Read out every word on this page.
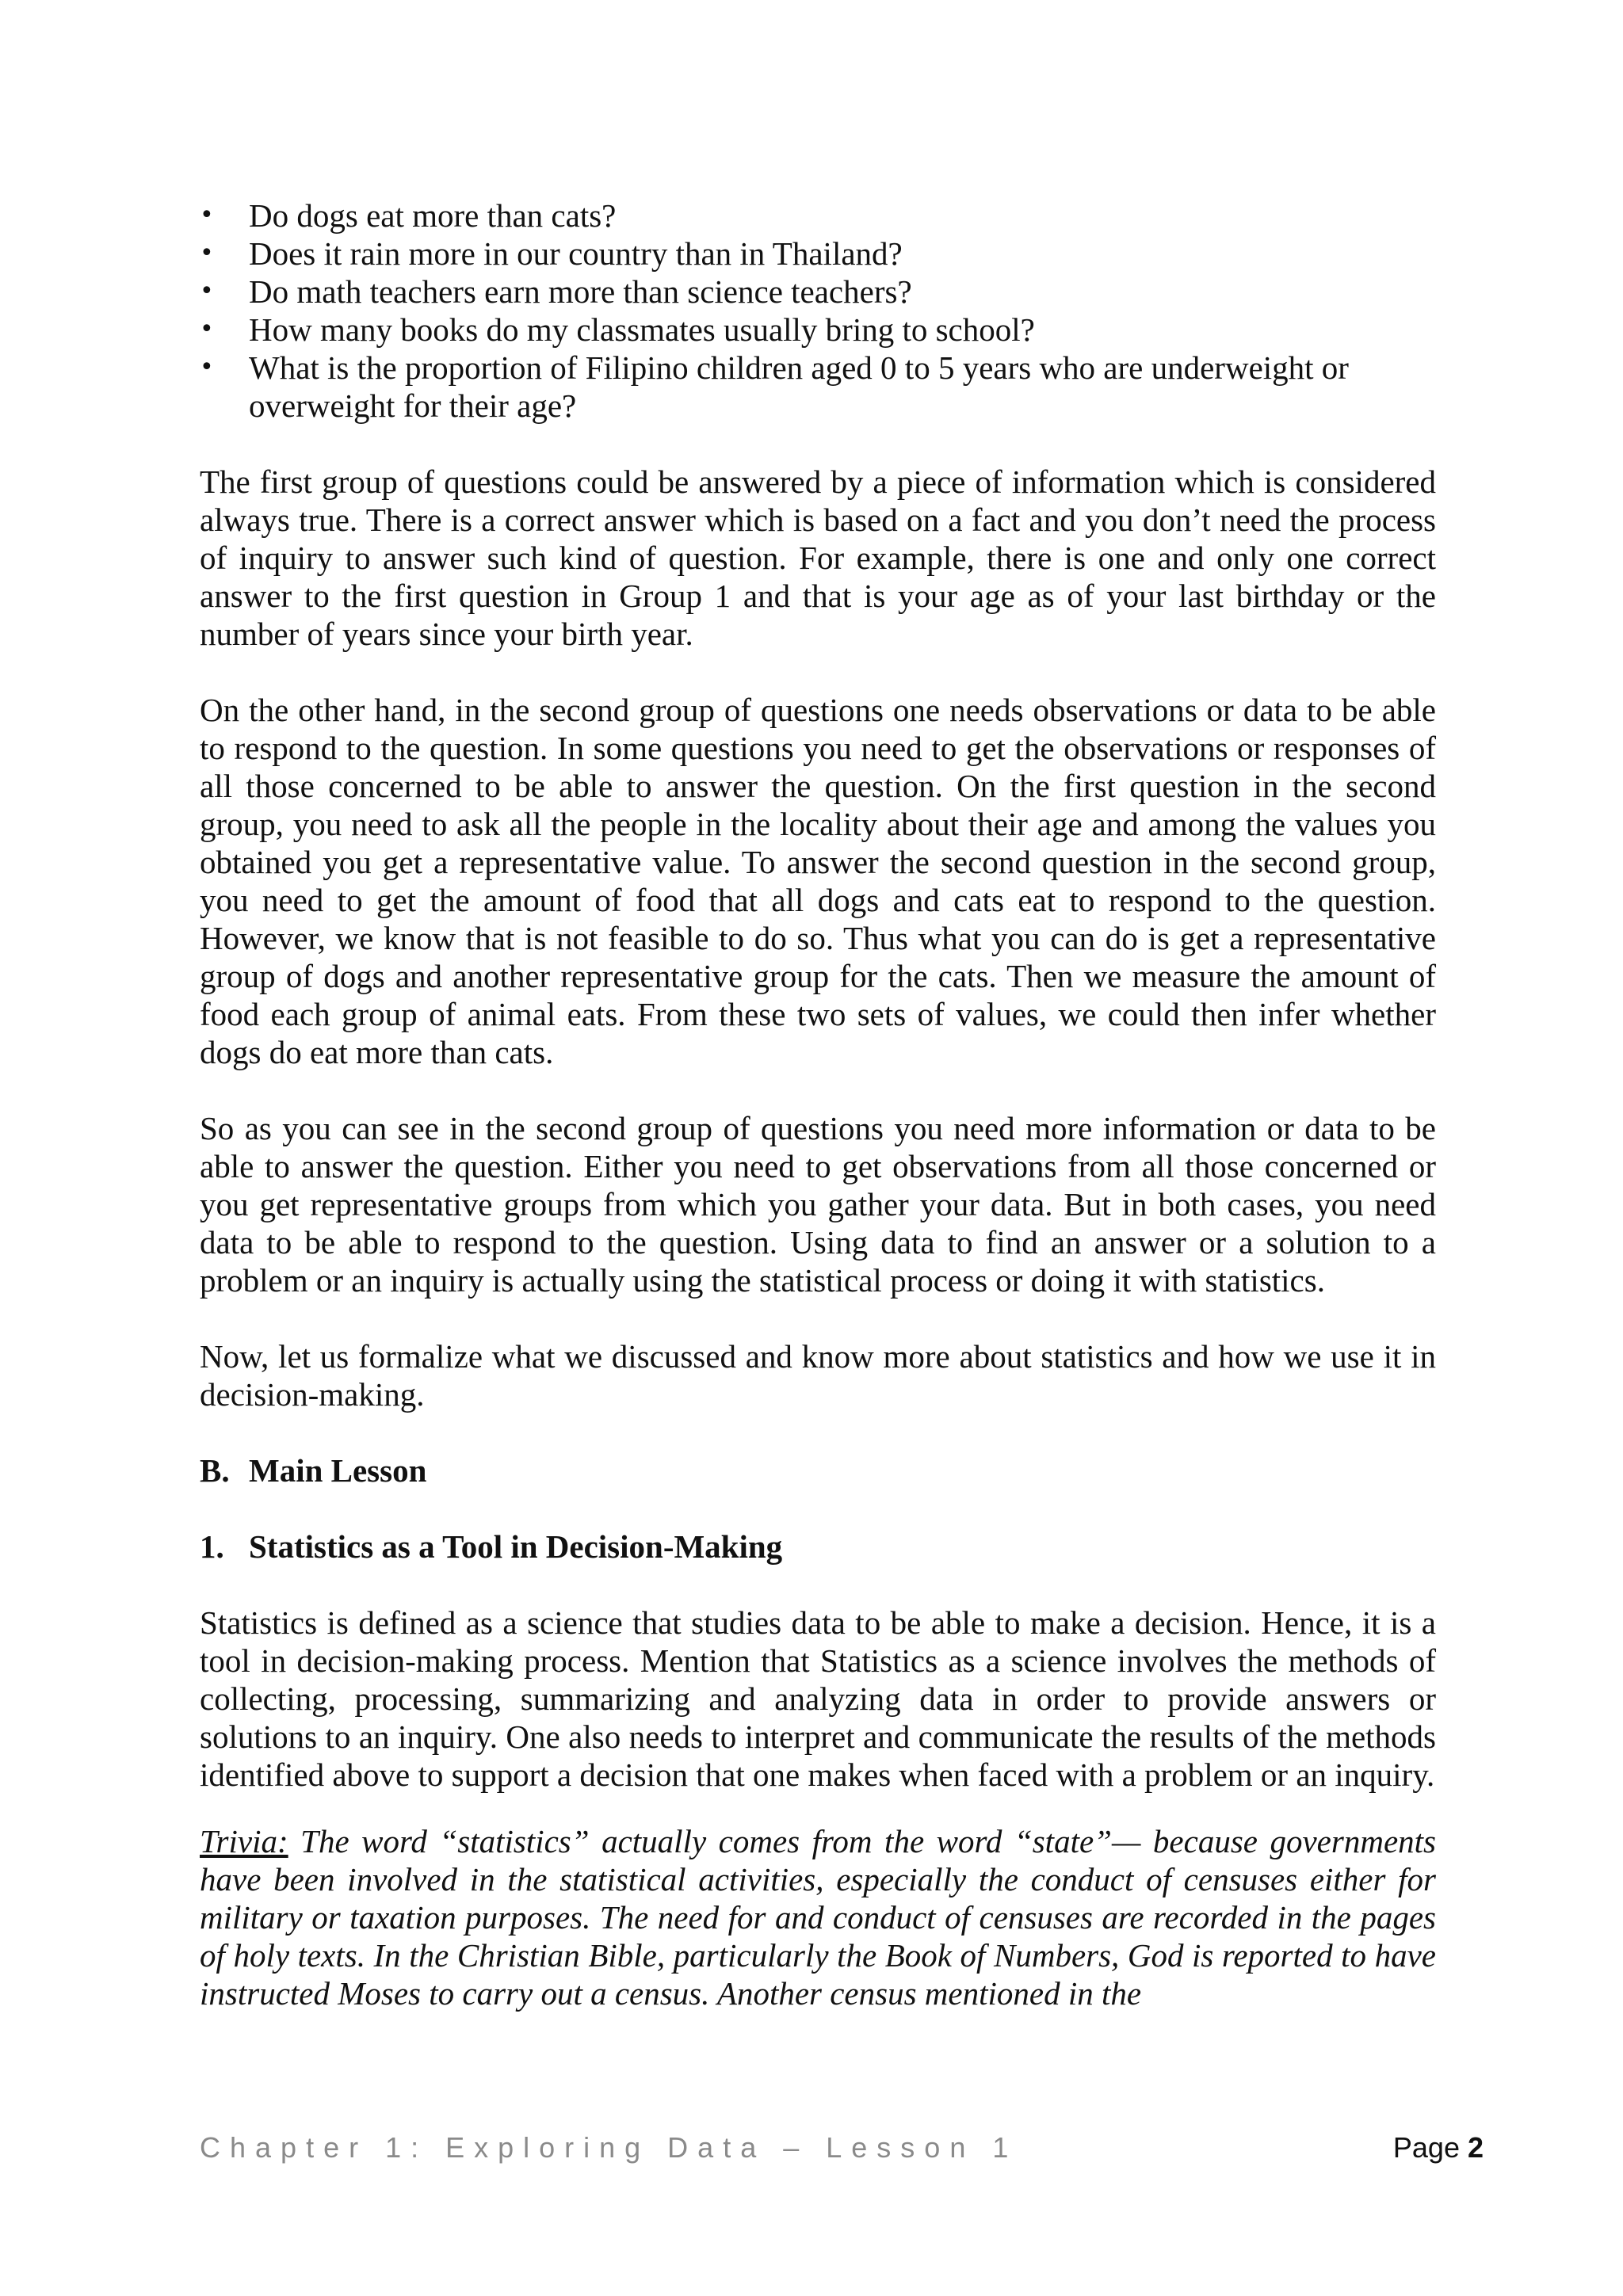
• Do dogs eat more than cats?
• Does it rain more in our country than in Thailand?
• Do math teachers earn more than science teachers?
• How many books do my classmates usually bring to school?
• What is the proportion of Filipino children aged 0 to 5 years who are underweight or overweight for their age?

The first group of questions could be answered by a piece of information which is considered always true. There is a correct answer which is based on a fact and you don’t need the process of inquiry to answer such kind of question. For example, there is one and only one correct answer to the first question in Group 1 and that is your age as of your last birthday or the number of years since your birth year.

On the other hand, in the second group of questions one needs observations or data to be able to respond to the question. In some questions you need to get the observations or responses of all those concerned to be able to answer the question. On the first question in the second group, you need to ask all the people in the locality about their age and among the values you obtained you get a representative value. To answer the second question in the second group, you need to get the amount of food that all dogs and cats eat to respond to the question. However, we know that is not feasible to do so. Thus what you can do is get a representative group of dogs and another representative group for the cats. Then we measure the amount of food each group of animal eats. From these two sets of values, we could then infer whether dogs do eat more than cats.

So as you can see in the second group of questions you need more information or data to be able to answer the question. Either you need to get observations from all those concerned or you get representative groups from which you gather your data. But in both cases, you need data to be able to respond to the question. Using data to find an answer or a solution to a problem or an inquiry is actually using the statistical process or doing it with statistics.

Now, let us formalize what we discussed and know more about statistics and how we use it in decision-making.

B. Main Lesson
1. Statistics as a Tool in Decision-Making

Statistics is defined as a science that studies data to be able to make a decision. Hence, it is a tool in decision-making process. Mention that Statistics as a science involves the methods of collecting, processing, summarizing and analyzing data in order to provide answers or solutions to an inquiry. One also needs to interpret and communicate the results of the methods identified above to support a decision that one makes when faced with a problem or an inquiry.

Trivia: The word “statistics” actually comes from the word “state”— because governments have been involved in the statistical activities, especially the conduct of censuses either for military or taxation purposes. The need for and conduct of censuses are recorded in the pages of holy texts. In the Christian Bible, particularly the Book of Numbers, God is reported to have instructed Moses to carry out a census. Another census mentioned in the

Chapter 1: Exploring Data – Lesson 1	Page 2
